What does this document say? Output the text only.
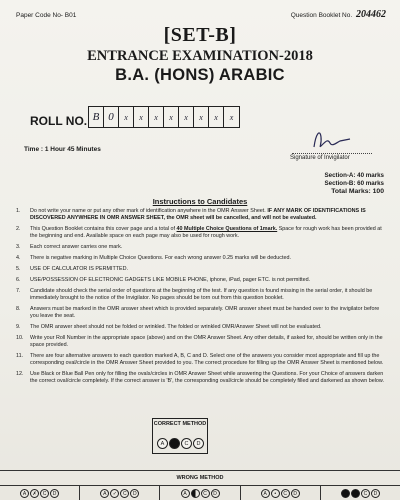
Paper Code No- B01	Question Booklet No. 204462
[SET-B]
ENTRANCE EXAMINATION-2018
B.A. (HONS) ARABIC
ROLL NO. B 0	x	x	x	x	x	x	x	x
Time : 1 Hour 45 Minutes
Signature of Invigilator
Section-A: 40 marks
Section-B: 60 marks
Total Marks: 100
Instructions to Candidates
1. Do not write your name or put any other mark of identification anywhere in the OMR Answer Sheet. IF ANY MARK OF IDENTIFICATIONS IS DISCOVERED ANYWHERE IN OMR ANSWER SHEET, the OMR sheet will be cancelled, and will not be evaluated.
2. This Question Booklet contains this cover page and a total of 40 Multiple Choice Questions of 1mark. Space for rough work has been provided at the beginning and end. Available space on each page may also be used for rough work.
3. Each correct answer carries one mark.
4. There is negative marking in Multiple Choice Questions. For each wrong answer 0.25 marks will be deducted.
5. USE OF CALCULATOR IS PERMITTED.
6. USE/POSSESSION OF ELECTRONIC GADGETS LIKE MOBILE PHONE, iphone, iPad, pager ETC. is not permitted.
7. Candidate should check the serial order of questions at the beginning of the test. If any question is found missing in the serial order, it should be immediately brought to the notice of the Invigilator. No pages should be torn out from this question booklet.
8. Answers must be marked in the OMR answer sheet which is provided separately. OMR answer sheet must be handed over to the invigilator before you leave the seat.
9. The OMR answer sheet should not be folded or wrinkled. The folded or wrinkled OMR/Answer Sheet will not be evaluated.
10. Write your Roll Number in the appropriate space (above) and on the OMR Answer Sheet. Any other details, if asked for, should be written only in the space provided.
11. There are four alternative answers to each question marked A, B, C and D. Select one of the answers you consider most appropriate and fill up the corresponding oval/circle in the OMR Answer Sheet provided to you. The correct procedure for filling up the OMR Answer Sheet is mentioned below.
12. Use Black or Blue Ball Pen only for filling the ovals/circles in OMR Answer Sheet while answering the Questions. For your Choice of answers darken the correct oval/circle completely. If the correct answer is 'B', the corresponding oval/circle should be completely filled and darkened as shown below.
CORRECT METHOD
A	C	D
WRONG METHOD
A	✗	C	D	A	✓	C	D	A	C	D	A	•	C	D	C	D
